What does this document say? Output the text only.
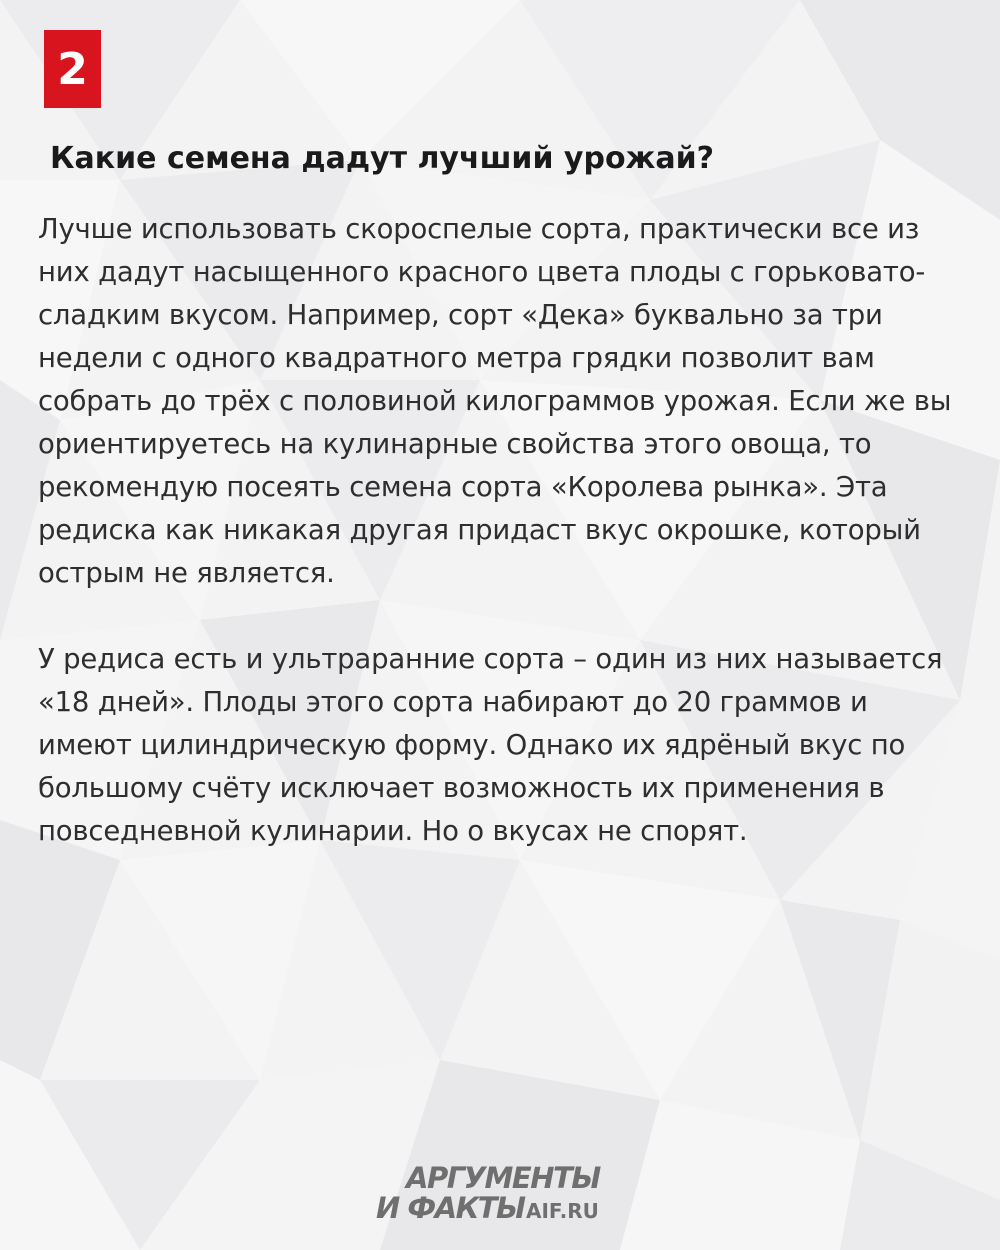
2
Какие семена дадут лучший урожай?

Лучше использовать скороспелые сорта, практически все из них дадут насыщенного красного цвета плоды с горьковато-сладким вкусом. Например, сорт «Дека» буквально за три недели с одного квадратного метра грядки позволит вам собрать до трёх с половиной килограммов урожая. Если же вы ориентируетесь на кулинарные свойства этого овоща, то рекомендую посеять семена сорта «Королева рынка». Эта редиска как никакая другая придаст вкус окрошке, который острым не является.

У редиса есть и ультраранние сорта – один из них называется «18 дней». Плоды этого сорта набирают до 20 граммов и имеют цилиндрическую форму. Однако их ядрёный вкус по большому счёту исключает возможность их применения в повседневной кулинарии. Но о вкусах не спорят.

АРГУМЕНТЫ
И ФАКТЫ AIF.RU
